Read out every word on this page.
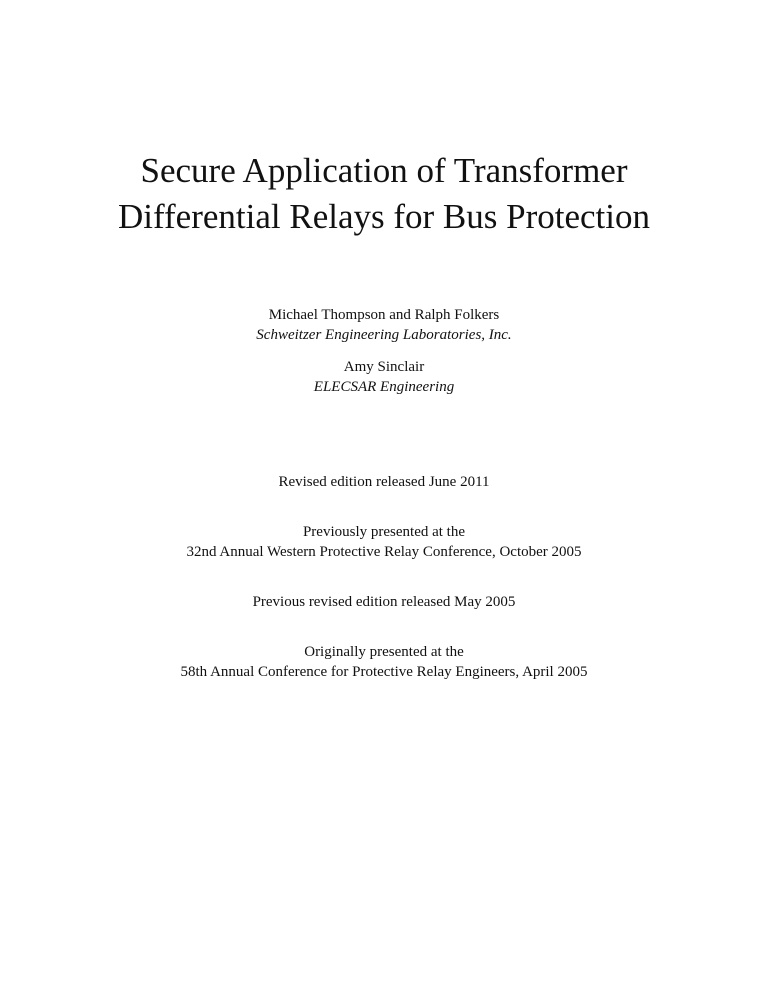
Secure Application of Transformer
Differential Relays for Bus Protection
Michael Thompson and Ralph Folkers
Schweitzer Engineering Laboratories, Inc.
Amy Sinclair
ELECSAR Engineering
Revised edition released June 2011
Previously presented at the
32nd Annual Western Protective Relay Conference, October 2005
Previous revised edition released May 2005
Originally presented at the
58th Annual Conference for Protective Relay Engineers, April 2005
